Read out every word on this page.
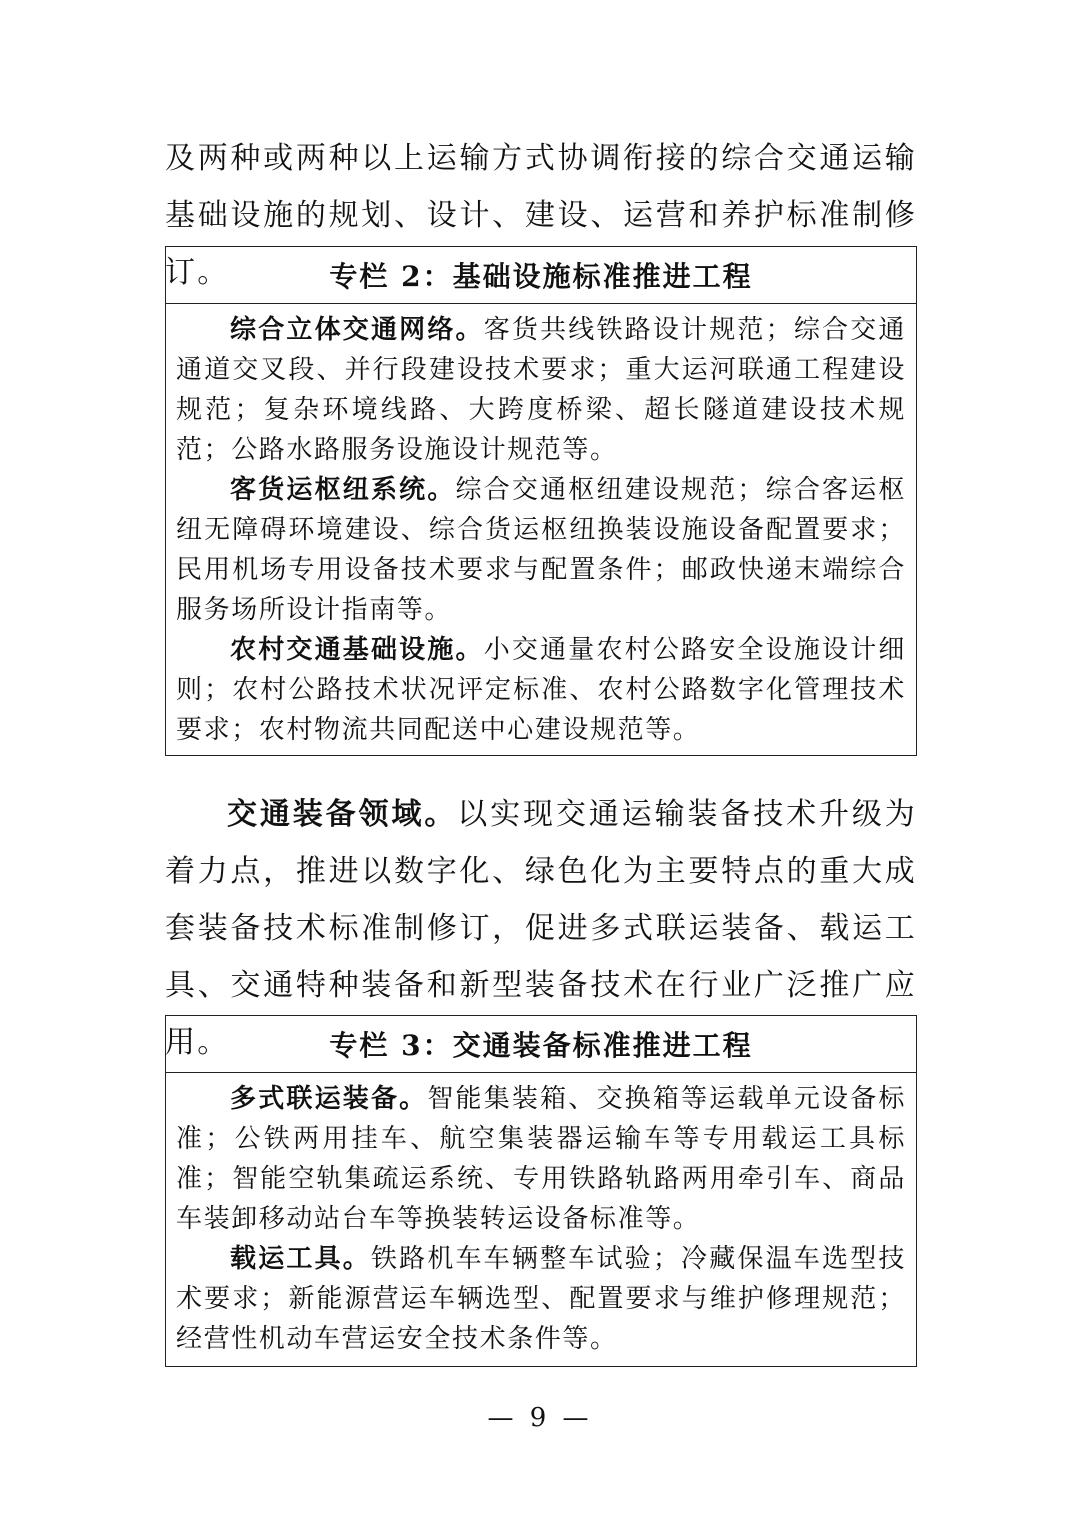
及两种或两种以上运输方式协调衔接的综合交通运输基础设施的规划、设计、建设、运营和养护标准制修订。	专栏 2：基础设施标准推进工程

综合立体交通网络。客货共线铁路设计规范；综合交通通道交叉段、并行段建设技术要求；重大运河联通工程建设规范；复杂环境线路、大跨度桥梁、超长隧道建设技术规范；公路水路服务设施设计规范等。

客货运枢纽系统。综合交通枢纽建设规范；综合客运枢纽无障碍环境建设、综合货运枢纽换装设施设备配置要求；民用机场专用设备技术要求与配置条件；邮政快递末端综合服务场所设计指南等。

农村交通基础设施。小交通量农村公路安全设施设计细则；农村公路技术状况评定标准、农村公路数字化管理技术要求；农村物流共同配送中心建设规范等。

交通装备领域。以实现交通运输装备技术升级为着力点，推进以数字化、绿色化为主要特点的重大成套装备技术标准制修订，促进多式联运装备、载运工具、交通特种装备和新型装备技术在行业广泛推广应用。	专栏 3：交通装备标准推进工程

多式联运装备。智能集装箱、交换箱等运载单元设备标准；公铁两用挂车、航空集装器运输车等专用载运工具标准；智能空轨集疏运系统、专用铁路轨路两用牵引车、商品车装卸移动站台车等换装转运设备标准等。

载运工具。铁路机车车辆整车试验；冷藏保温车选型技术要求；新能源营运车辆选型、配置要求与维护修理规范；经营性机动车营运安全技术条件等。

— 9 —
